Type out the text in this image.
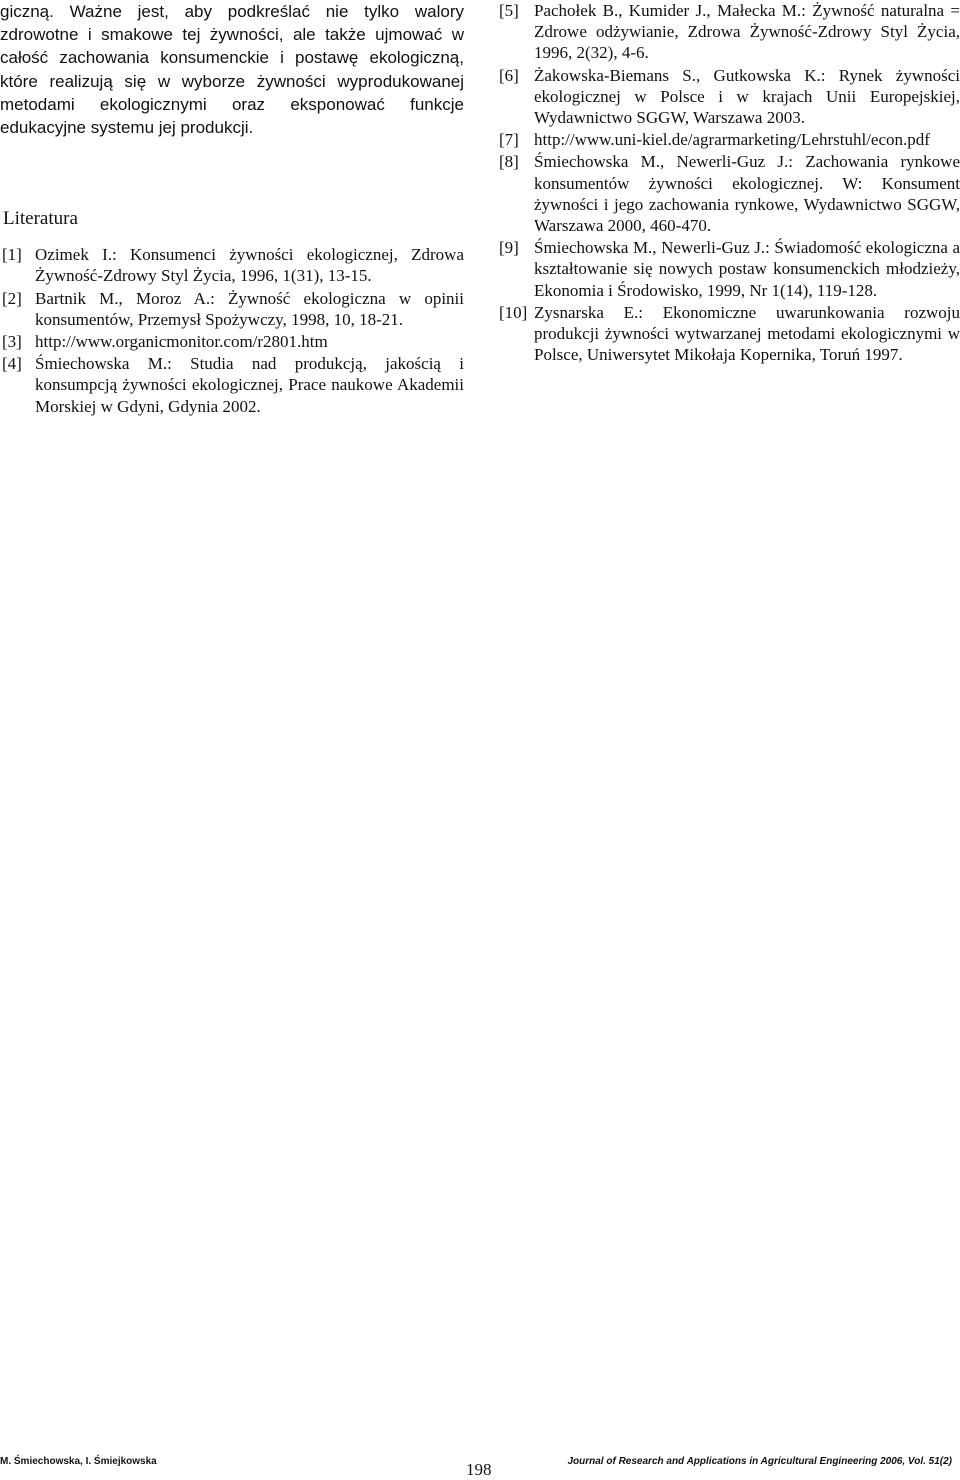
giczną. Ważne jest, aby podkreślać nie tylko walory zdrowotne i smakowe tej żywności, ale także ujmować w całość zachowania konsumenckie i postawę ekologiczną, które realizują się w wyborze żywności wyprodukowanej metodami ekologicznymi oraz eksponować funkcje edukacyjne systemu jej produkcji.

Literatura
[1] Ozimek I.: Konsumenci żywności ekologicznej, Zdrowa Żywność-Zdrowy Styl Życia, 1996, 1(31), 13-15.
[2] Bartnik M., Moroz A.: Żywność ekologiczna w opinii konsumentów, Przemysł Spożywczy, 1998, 10, 18-21.
[3] http://www.organicmonitor.com/r2801.htm
[4] Śmiechowska M.: Studia nad produkcją, jakością i konsumpcją żywności ekologicznej, Prace naukowe Akademii Morskiej w Gdyni, Gdynia 2002.
[5] Pachołek B., Kumider J., Małecka M.: Żywność naturalna = Zdrowe odżywianie, Zdrowa Żywność-Zdrowy Styl Życia, 1996, 2(32), 4-6.
[6] Żakowska-Biemans S., Gutkowska K.: Rynek żywności ekologicznej w Polsce i w krajach Unii Europejskiej, Wydawnictwo SGGW, Warszawa 2003.
[7] http://www.uni-kiel.de/agrarmarketing/Lehrstuhl/econ.pdf
[8] Śmiechowska M., Newerli-Guz J.: Zachowania rynkowe konsumentów żywności ekologicznej. W: Konsument żywności i jego zachowania rynkowe, Wydawnictwo SGGW, Warszawa 2000, 460-470.
[9] Śmiechowska M., Newerli-Guz J.: Świadomość ekologiczna a kształtowanie się nowych postaw konsumenckich młodzieży, Ekonomia i Środowisko, 1999, Nr 1(14), 119-128.
[10] Zysnarska E.: Ekonomiczne uwarunkowania rozwoju produkcji żywności wytwarzanej metodami ekologicznymi w Polsce, Uniwersytet Mikołaja Kopernika, Toruń 1997.
M. Śmiechowska, I. Śmiejkowska	198	Journal of Research and Applications in Agricultural Engineering 2006, Vol. 51(2)
